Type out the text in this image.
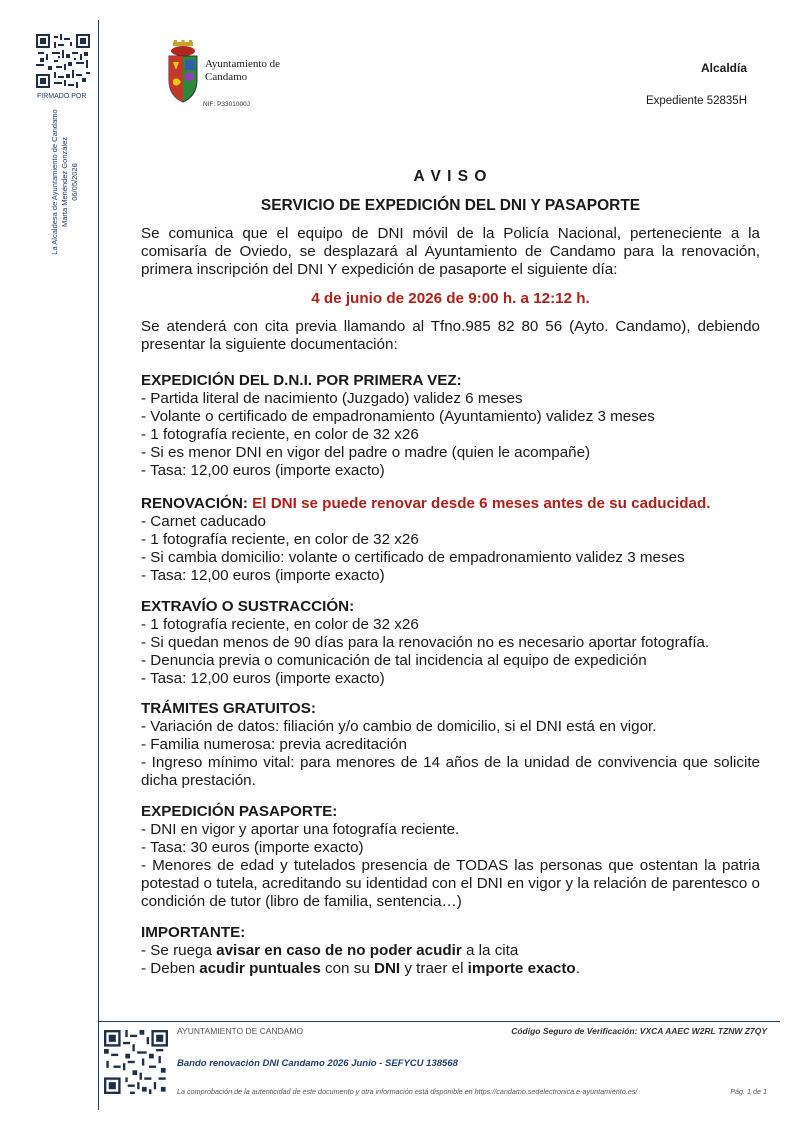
FIRMADO POR
La Alcaldesa de Ayuntamiento de Candamo Marta Menéndez González 06/05/2026
Ayuntamiento de
Candamo
NIF: P3301000J
Alcaldía
Expediente 52835H
A V I S O
SERVICIO DE EXPEDICIÓN DEL DNI Y PASAPORTE
Se comunica que el equipo de DNI móvil de la Policía Nacional, perteneciente a la comisaría de Oviedo, se desplazará al Ayuntamiento de Candamo para la renovación, primera inscripción del DNI Y expedición de pasaporte el siguiente día:
4 de junio de 2026 de 9:00 h. a 12:12 h.
Se atenderá con cita previa llamando al Tfno.985 82 80 56 (Ayto. Candamo), debiendo presentar la siguiente documentación:
EXPEDICIÓN DEL D.N.I. POR PRIMERA VEZ:
- Partida literal de nacimiento (Juzgado) validez 6 meses
- Volante o certificado de empadronamiento (Ayuntamiento) validez 3 meses
- 1 fotografía reciente, en color de 32 x26
- Si es menor DNI en vigor del padre o madre (quien le acompañe)
- Tasa: 12,00 euros (importe exacto)
RENOVACIÓN: El DNI se puede renovar desde 6 meses antes de su caducidad.
- Carnet caducado
- 1 fotografía reciente, en color de 32 x26
- Si cambia domicilio: volante o certificado de empadronamiento validez 3 meses
- Tasa: 12,00 euros (importe exacto)
EXTRAVÍO O SUSTRACCIÓN:
- 1 fotografía reciente, en color de 32 x26
- Si quedan menos de 90 días para la renovación no es necesario aportar fotografía.
- Denuncia previa o comunicación de tal incidencia al equipo de expedición
- Tasa: 12,00 euros (importe exacto)
TRÁMITES GRATUITOS:
- Variación de datos: filiación y/o cambio de domicilio, si el DNI está en vigor.
- Familia numerosa: previa acreditación
- Ingreso mínimo vital: para menores de 14 años de la unidad de convivencia que solicite dicha prestación.
EXPEDICIÓN PASAPORTE:
- DNI en vigor y aportar una fotografía reciente.
- Tasa: 30 euros (importe exacto)
- Menores de edad y tutelados presencia de TODAS las personas que ostentan la patria potestad o tutela, acreditando su identidad con el DNI en vigor y la relación de parentesco o condición de tutor (libro de familia, sentencia…)
IMPORTANTE:
- Se ruega avisar en caso de no poder acudir a la cita
- Deben acudir puntuales con su DNI y traer el importe exacto.
AYUNTAMIENTO DE CANDAMO	Código Seguro de Verificación: VXCA AAEC W2RL TZNW Z7QY
Bando renovación DNI Candamo 2026 Junio - SEFYCU 138568
La comprobación de la autenticidad de este documento y otra información está disponible en https://candamo.sedelectronica.e-ayuntamiento.es/	Pág. 1 de 1
